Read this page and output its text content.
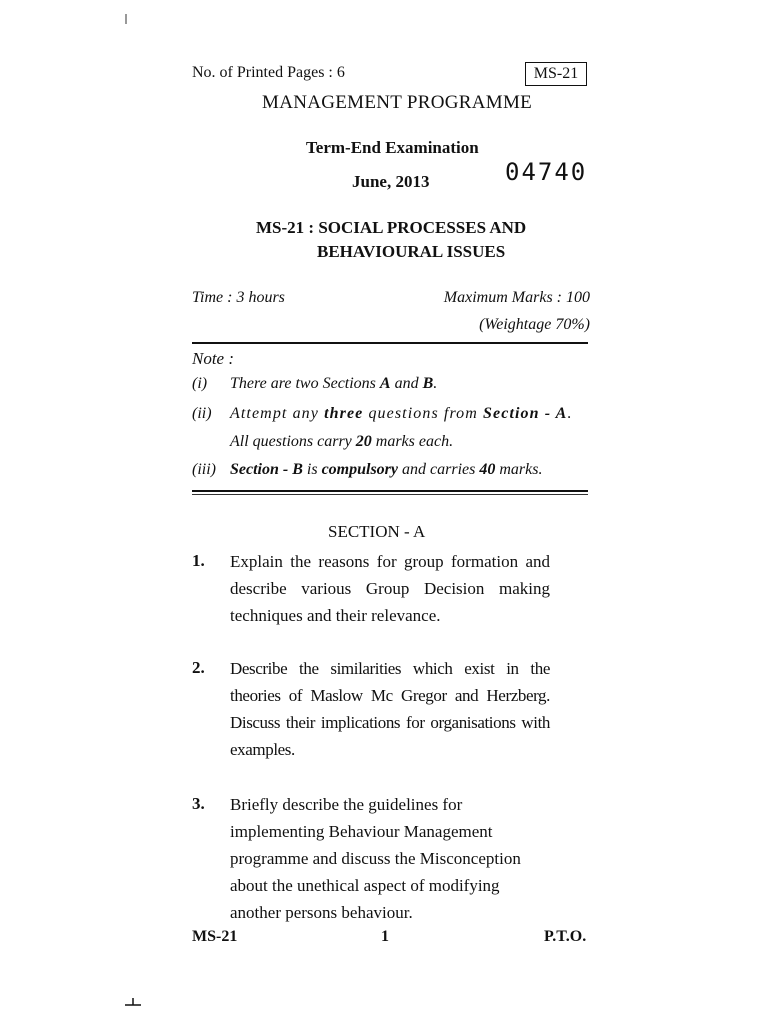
No. of Printed Pages : 6	MS-21
MANAGEMENT PROGRAMME
Term-End Examination
June, 2013	04740
MS-21 : SOCIAL PROCESSES AND
BEHAVIOURAL ISSUES
Time : 3 hours	Maximum Marks : 100
(Weightage 70%)
Note :
(i) There are two Sections A and B.
(ii) Attempt any three questions from Section - A.
All questions carry 20 marks each.
(iii) Section - B is compulsory and carries 40 marks.
SECTION - A
1. Explain the reasons for group formation and describe various Group Decision making techniques and their relevance.
2. Describe the similarities which exist in the theories of Maslow Mc Gregor and Herzberg. Discuss their implications for organisations with examples.
3. Briefly describe the guidelines for implementing Behaviour Management programme and discuss the Misconception about the unethical aspect of modifying another persons behaviour.
MS-21	1	P.T.O.
